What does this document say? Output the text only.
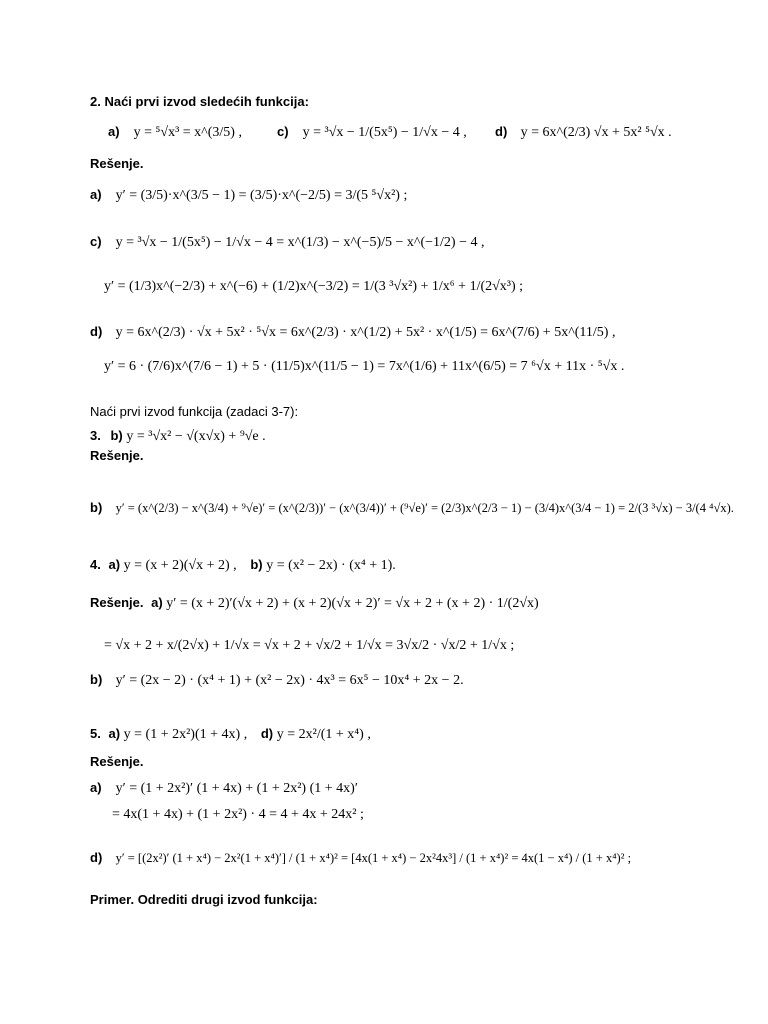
2. Naći prvi izvod sledećih funkcija:
a) y = ⁵√x³ = x^(3/5) ,	c) y = ³√x − 1/(5x⁵) − 1/√x − 4 , d) y = 6x^(2/3) √x + 5x² ⁵√x .
Rešenje.
a) y′ = (3/5)·x^(3/5 − 1) = (3/5)·x^(−2/5) = 3/(5 ⁵√x²) ;
c) y = ³√x − 1/(5x⁵) − 1/√x − 4 = x^(1/3) − x^(−5)/5 − x^(−1/2) − 4 ,
y′ = (1/3)x^(−2/3) + x^(−6) + (1/2)x^(−3/2) = 1/(3 ³√x²) + 1/x⁶ + 1/(2√x³) ;
d) y = 6x^(2/3) · √x + 5x² · ⁵√x = 6x^(2/3) · x^(1/2) + 5x² · x^(1/5) = 6x^(7/6) + 5x^(11/5) ,
y′ = 6 · (7/6)x^(7/6 − 1) + 5 · (11/5)x^(11/5 − 1) = 7x^(1/6) + 11x^(6/5) = 7 ⁶√x + 11x · ⁵√x .
Naći prvi izvod funkcija (zadaci 3-7):
3. b) y = ³√x² − √(x√x) + ⁹√e .
Rešenje.
b) y′ = (x^(2/3) − x^(3/4) + ⁹√e)′ = (x^(2/3))′ − (x^(3/4))′ + (⁹√e)′ = (2/3)x^(2/3 − 1) − (3/4)x^(3/4 − 1) = 2/(3 ³√x) − 3/(4 ⁴√x).
4. a) y = (x + 2)(√x + 2) , b) y = (x² − 2x) · (x⁴ + 1).
Rešenje. a) y′ = (x + 2)′(√x + 2) + (x + 2)(√x + 2)′ = √x + 2 + (x + 2) · 1/(2√x)
= √x + 2 + x/(2√x) + 1/√x = √x + 2 + √x/2 + 1/√x = 3√x/2 · √x/2 + 1/√x ;
b) y′ = (2x − 2) · (x⁴ + 1) + (x² − 2x) · 4x³ = 6x⁵ − 10x⁴ + 2x − 2.
5. a) y = (1 + 2x²)(1 + 4x) , d) y = 2x²/(1 + x⁴) ,
Rešenje.
a) y′ = (1 + 2x²)′ (1 + 4x) + (1 + 2x²) (1 + 4x)′
= 4x(1 + 4x) + (1 + 2x²) · 4 = 4 + 4x + 24x² ;
d) y′ = [(2x²)′ (1 + x⁴) − 2x²(1 + x⁴)′] / (1 + x⁴)² = [4x(1 + x⁴) − 2x²4x³] / (1 + x⁴)² = 4x(1 − x⁴) / (1 + x⁴)² ;
Primer. Odrediti drugi izvod funkcija:
